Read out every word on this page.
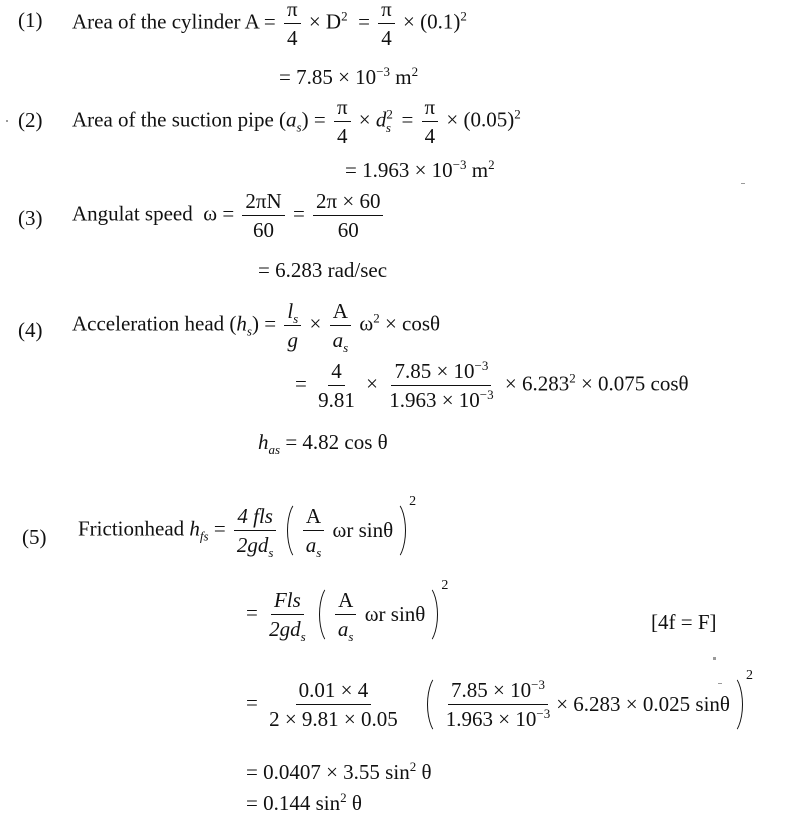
(1) Area of the cylinder $A = \frac{\pi}{4} \times D^2 = \frac{\pi}{4} \times (0.1)^2$
= $7.85 \times 10^{-3}$ $m^2$
(2) Area of the suction pipe $(a_s) = \frac{\pi}{4} \times d^2_s = \frac{\pi}{4} \times (0.05)^2$
= $1.963 \times 10^{-3}$ $m^2$
(3) Angulat speed $\omega = \frac{2\pi N}{60} = \frac{2\pi \times 60}{60}$
= 6.283 rad/sec
(4) Acceleration head $(h_s) = \frac{l_s}{g} \times \frac{A}{a_s} \omega^2 \times \cos\theta$
= $\frac{4}{9.81} \times \frac{7.85 \times 10^{-3}}{1.963 \times 10^{-3}} \times 6.283^2 \times 0.075$ cosθ
$h_{as} = 4.82$ cos θ
(5) Frictionhead $h_{fs} = \frac{\text{4 fls}}{2gd_s}$
$\frac{A}{a_s}$
ωr sinθ
$^2$
= $\frac{\text{Fls}}{2gd_s}$
$\frac{A}{a_s}$
ωr sinθ
$^2$
[4f = F]
= $\frac{0.01 \times 4}{2 \times 9.81 \times 0.05}$
$\frac{7.85 \times 10^{-3}}{1.963 \times 10^{-3}} \times 6.283 \times 0.025$ sinθ
$^2$
= 0.0407 × 3.55 $\sin^2 \theta$
= 0.144 $\sin^2 \theta$
